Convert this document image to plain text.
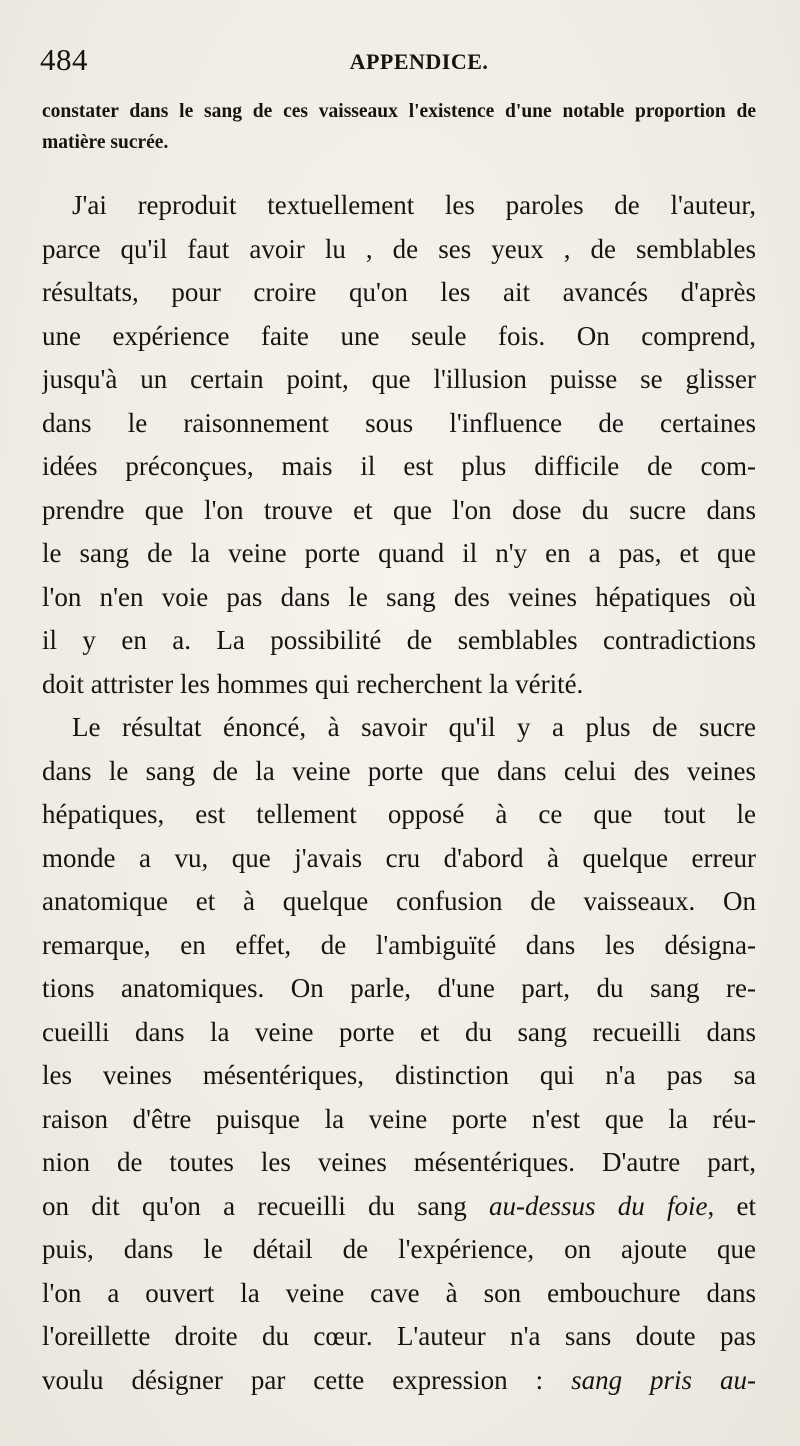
484	APPENDICE.
constater dans le sang de ces vaisseaux l'existence d'une notable proportion de matière sucrée.
J'ai reproduit textuellement les paroles de l'auteur,
parce qu'il faut avoir lu , de ses yeux , de semblables
résultats, pour croire qu'on les ait avancés d'après
une expérience faite une seule fois. On comprend,
jusqu'à un certain point, que l'illusion puisse se glisser
dans le raisonnement sous l'influence de certaines
idées préconçues, mais il est plus difficile de com-
prendre que l'on trouve et que l'on dose du sucre dans
le sang de la veine porte quand il n'y en a pas, et que
l'on n'en voie pas dans le sang des veines hépatiques où
il y en a. La possibilité de semblables contradictions
doit attrister les hommes qui recherchent la vérité.
Le résultat énoncé, à savoir qu'il y a plus de sucre
dans le sang de la veine porte que dans celui des veines
hépatiques, est tellement opposé à ce que tout le
monde a vu, que j'avais cru d'abord à quelque erreur
anatomique et à quelque confusion de vaisseaux. On
remarque, en effet, de l'ambiguïté dans les désigna-
tions anatomiques. On parle, d'une part, du sang re-
cueilli dans la veine porte et du sang recueilli dans
les veines mésentériques, distinction qui n'a pas sa
raison d'être puisque la veine porte n'est que la réu-
nion de toutes les veines mésentériques. D'autre part,
on dit qu'on a recueilli du sang au-dessus du foie, et
puis, dans le détail de l'expérience, on ajoute que
l'on a ouvert la veine cave à son embouchure dans
l'oreillette droite du cœur. L'auteur n'a sans doute pas
voulu désigner par cette expression : sang pris au-
